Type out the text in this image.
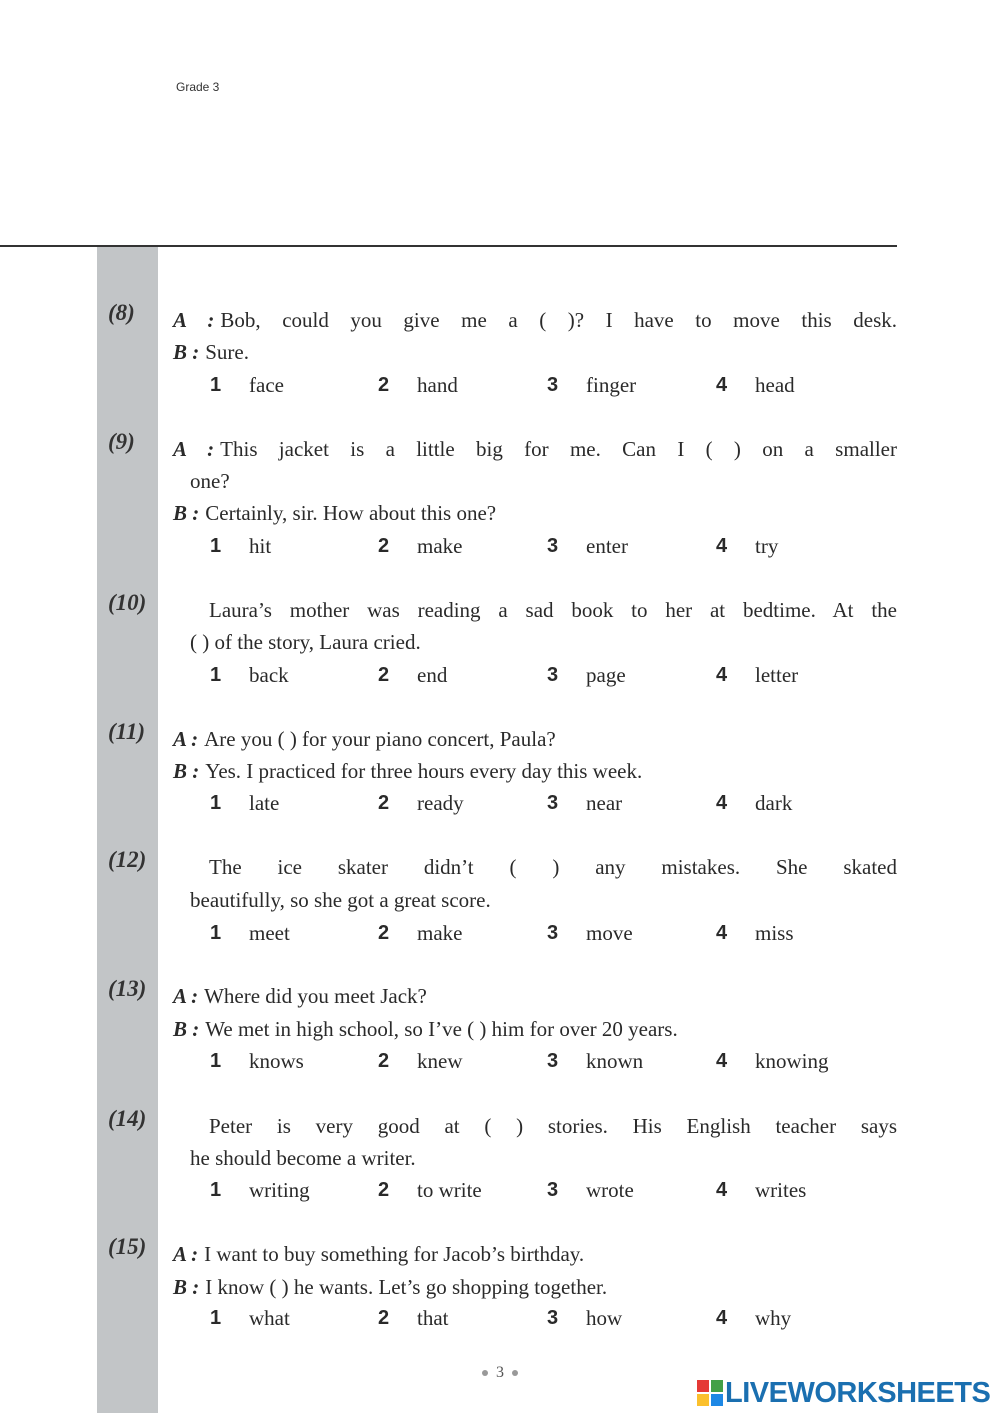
Grade 3
(8)	A : Bob, could you give me a ( )? I have to move this desk.
B : Sure.
1 face	2 hand	3 finger	4 head
(9)	A : This jacket is a little big for me. Can I ( ) on a smaller
one?
B : Certainly, sir. How about this one?
1 hit	2 make	3 enter	4 try
(10)	Laura’s mother was reading a sad book to her at bedtime. At the
( ) of the story, Laura cried.
1 back	2 end	3 page	4 letter
(11)	A : Are you ( ) for your piano concert, Paula?
B : Yes. I practiced for three hours every day this week.
1 late	2 ready	3 near	4 dark
(12)	The ice skater didn’t ( ) any mistakes. She skated
beautifully, so she got a great score.
1 meet	2 make	3 move	4 miss
(13)	A : Where did you meet Jack?
B : We met in high school, so I’ve ( ) him for over 20 years.
1 knows	2 knew	3 known	4 knowing
(14)	Peter is very good at ( ) stories. His English teacher says
he should become a writer.
1 writing	2 to write	3 wrote	4 writes
(15)	A : I want to buy something for Jacob’s birthday.
B : I know ( ) he wants. Let’s go shopping together.
1 what	2 that	3 how	4 why
3
LIVEWORKSHEETS
